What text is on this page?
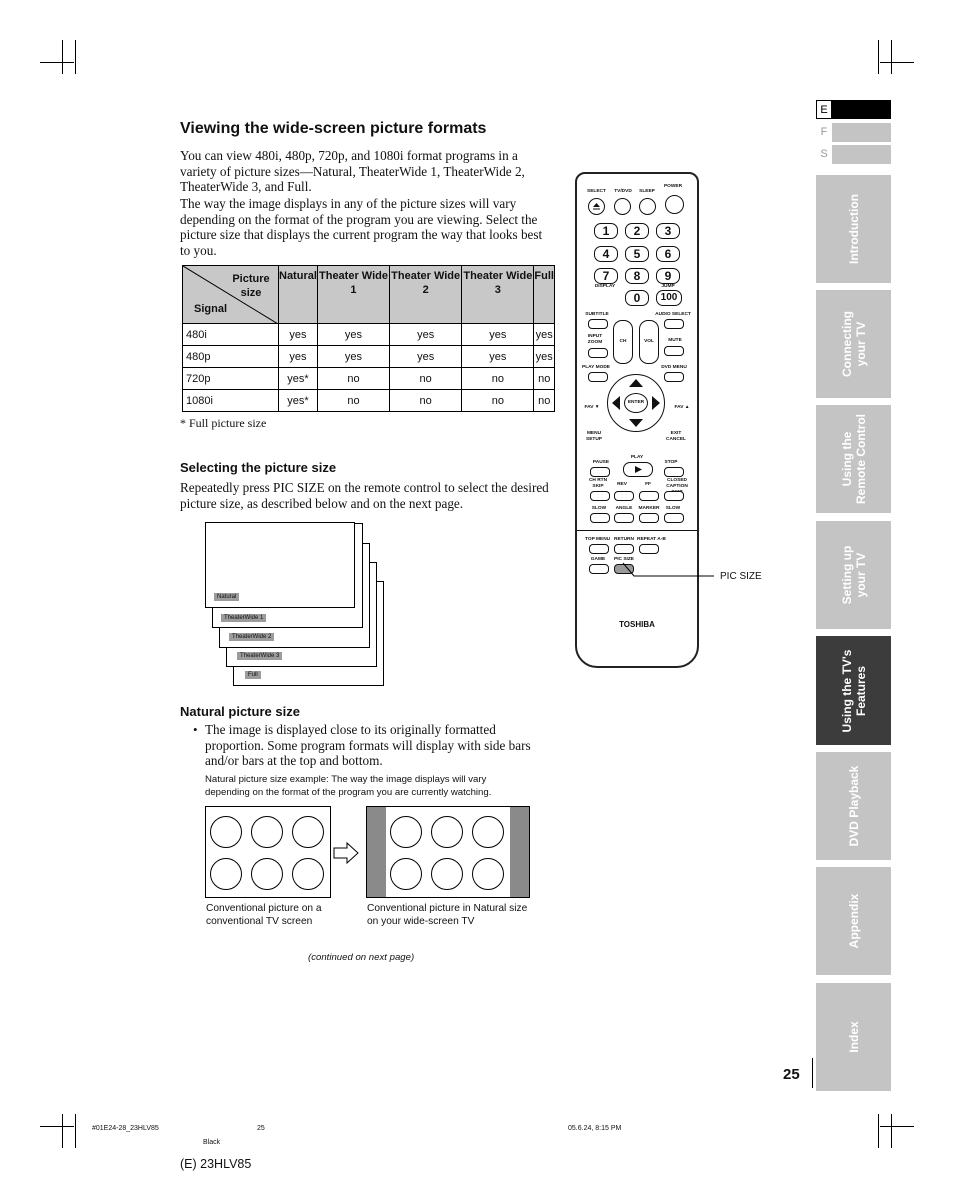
Viewing the wide-screen picture formats

You can view 480i, 480p, 720p, and 1080i format programs in a variety of picture sizes—Natural, TheaterWide 1, TheaterWide 2, TheaterWide 3, and Full.

The way the image displays in any of the picture sizes will vary depending on the format of the program you are viewing. Select the picture size that displays the current program the way that looks best to you.

Picture size
Signal	Natural	Theater Wide 1	Theater Wide 2	Theater Wide 3	Full
480i	yes	yes	yes	yes	yes
480p	yes	yes	yes	yes	yes
720p	yes*	no	no	no	no
1080i	yes*	no	no	no	no
* Full picture size
Selecting the picture size

Repeatedly press PIC SIZE on the remote control to select the desired picture size, as described below and on the next page.

Full
TheaterWide 3
TheaterWide 2
TheaterWide 1
Natural
Natural picture size
• The image is displayed close to its originally formatted proportion. Some program formats will display with side bars and/or bars at the top and bottom.

Natural picture size example: The way the image displays will vary depending on the format of the program you are currently watching.
Conventional picture on a conventional TV screen
Conventional picture in Natural size on your wide-screen TV
(continued on next page)
SELECT	TV/DVD	SLEEP
POWER
1	2	3
4	5	6
7	8	9
DISPLAY	JUMP
0	100
SUBTITLE	AUDIO SELECT
INPUT ZOOM	CH	VOL	MUTE
PLAY MODE	DVD MENU
ENTER
FAV ▼	FAV ▲
MENU SETUP
EXIT CANCEL
PAUSE
PLAY
STOP
CH RTN SKIP	REV	FF
CLOSED CAPTION
SLOW	ANGLE	MARKER	SLOW
TOP MENU RETURN REPEAT A-B
GAME	PIC SIZE
TOSHIBA
PIC SIZE
E
F
S
Introduction
Connecting your TV
Using the Remote Control
Setting up your TV
Using the TV's Features
DVD Playback
Appendix
Index
25
#01E24-28_23HLV85	25	05.6.24, 8:15 PM
Black
(E) 23HLV85
